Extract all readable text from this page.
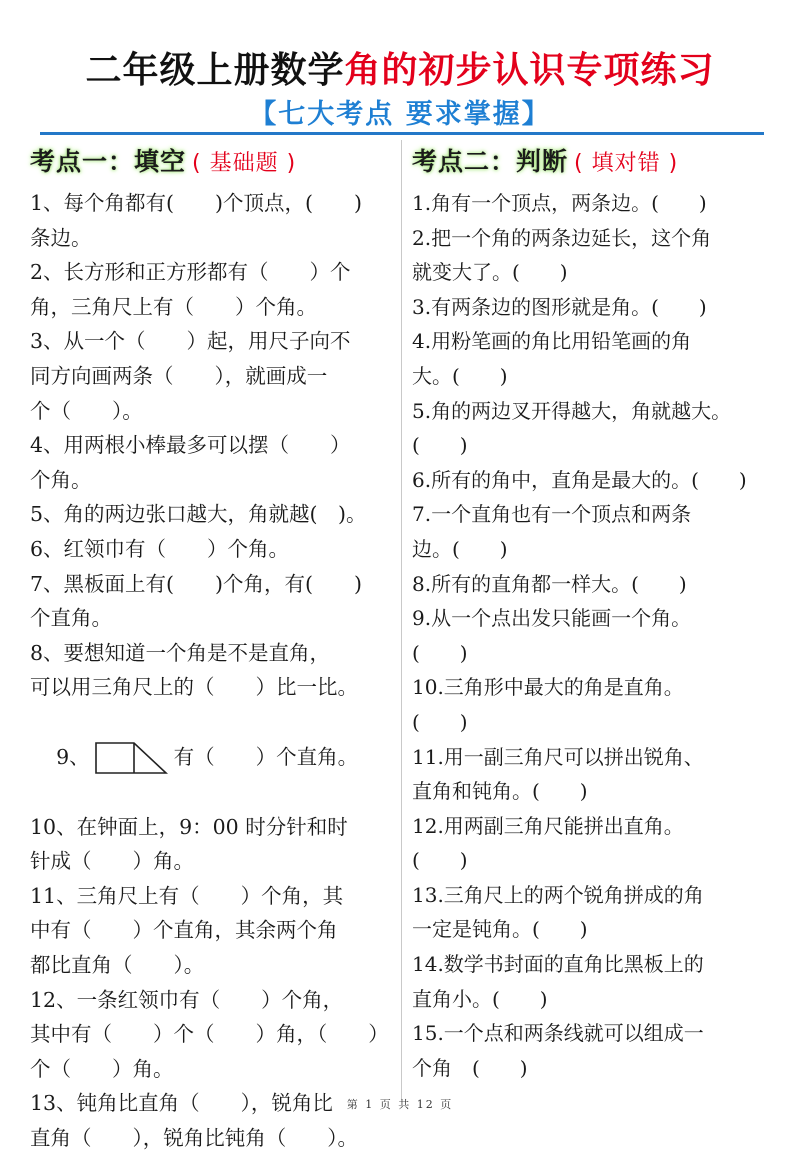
二年级上册数学角的初步认识专项练习
【七大考点 要求掌握】
考点一：填空 ( 基础题 )
1、每个角都有(　　)个顶点，(　　)
条边。
2、长方形和正方形都有（　　）个
角，三角尺上有（　　）个角。
3、从一个（　　）起，用尺子向不
同方向画两条（　　），就画成一
个（　　）。
4、用两根小棒最多可以摆（　　）
个角。
5、角的两边张口越大，角就越(　)。
6、红领巾有（　　）个角。
7、黑板面上有(　　)个角，有(　　)
个直角。
8、要想知道一个角是不是直角，
可以用三角尺上的（　　）比一比。

9、	有（　　）个直角。

10、在钟面上，9：00 时分针和时
针成（　　）角。
11、三角尺上有（　　）个角，其
中有（　　）个直角，其余两个角
都比直角（　　）。
12、一条红领巾有（　　）个角，
其中有（　　）个（　　）角，（　　）
个（　　）角。
13、钝角比直角（　　），锐角比
直角（　　），锐角比钝角（　　）。
考点二：判断 ( 填对错 )
1.角有一个顶点，两条边。(　　)
2.把一个角的两条边延长，这个角
就变大了。(　　)
3.有两条边的图形就是角。(　　)
4.用粉笔画的角比用铅笔画的角
大。(　　)
5.角的两边叉开得越大，角就越大。
(　　)
6.所有的角中，直角是最大的。(　　)
7.一个直角也有一个顶点和两条
边。(　　)
8.所有的直角都一样大。(　　)
9.从一个点出发只能画一个角。
(　　)
10.三角形中最大的角是直角。
(　　)
11.用一副三角尺可以拼出锐角、
直角和钝角。(　　)
12.用两副三角尺能拼出直角。
(　　)
13.三角尺上的两个锐角拼成的角
一定是钝角。(　　)
14.数学书封面的直角比黑板上的
直角小。(　　)
15.一个点和两条线就可以组成一
个角　(　　)
第 1 页 共 12 页
